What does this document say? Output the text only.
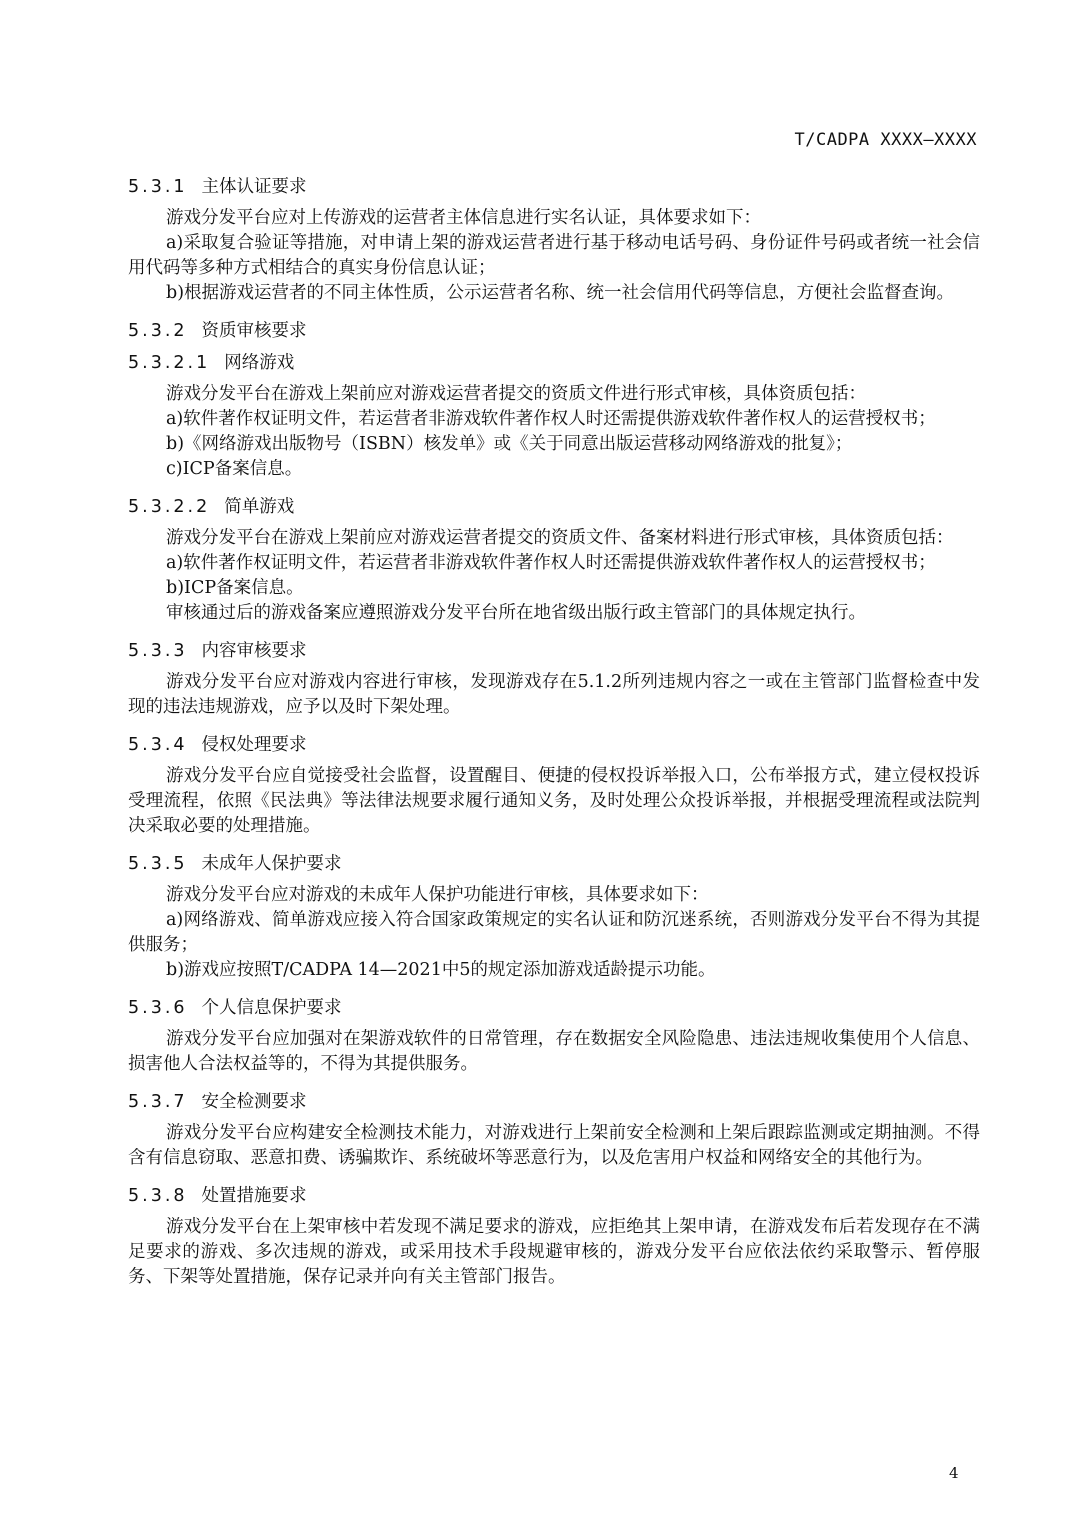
T/CADPA XXXX—XXXX
5.3.1 主体认证要求
游戏分发平台应对上传游戏的运营者主体信息进行实名认证，具体要求如下：
a)采取复合验证等措施，对申请上架的游戏运营者进行基于移动电话号码、身份证件号码或者统一社会信用代码等多种方式相结合的真实身份信息认证；
b)根据游戏运营者的不同主体性质，公示运营者名称、统一社会信用代码等信息，方便社会监督查询。
5.3.2 资质审核要求
5.3.2.1 网络游戏
游戏分发平台在游戏上架前应对游戏运营者提交的资质文件进行形式审核，具体资质包括：
a)软件著作权证明文件，若运营者非游戏软件著作权人时还需提供游戏软件著作权人的运营授权书；
b)《网络游戏出版物号（ISBN）核发单》或《关于同意出版运营移动网络游戏的批复》；
c)ICP备案信息。
5.3.2.2 简单游戏
游戏分发平台在游戏上架前应对游戏运营者提交的资质文件、备案材料进行形式审核，具体资质包括：
a)软件著作权证明文件，若运营者非游戏软件著作权人时还需提供游戏软件著作权人的运营授权书；
b)ICP备案信息。
审核通过后的游戏备案应遵照游戏分发平台所在地省级出版行政主管部门的具体规定执行。
5.3.3 内容审核要求
游戏分发平台应对游戏内容进行审核，发现游戏存在5.1.2所列违规内容之一或在主管部门监督检查中发现的违法违规游戏，应予以及时下架处理。
5.3.4 侵权处理要求
游戏分发平台应自觉接受社会监督，设置醒目、便捷的侵权投诉举报入口，公布举报方式，建立侵权投诉受理流程，依照《民法典》等法律法规要求履行通知义务，及时处理公众投诉举报，并根据受理流程或法院判决采取必要的处理措施。
5.3.5 未成年人保护要求
游戏分发平台应对游戏的未成年人保护功能进行审核，具体要求如下：
a)网络游戏、简单游戏应接入符合国家政策规定的实名认证和防沉迷系统，否则游戏分发平台不得为其提供服务；
b)游戏应按照T/CADPA 14—2021中5的规定添加游戏适龄提示功能。
5.3.6 个人信息保护要求
游戏分发平台应加强对在架游戏软件的日常管理，存在数据安全风险隐患、违法违规收集使用个人信息、损害他人合法权益等的，不得为其提供服务。
5.3.7 安全检测要求
游戏分发平台应构建安全检测技术能力，对游戏进行上架前安全检测和上架后跟踪监测或定期抽测。不得含有信息窃取、恶意扣费、诱骗欺诈、系统破坏等恶意行为，以及危害用户权益和网络安全的其他行为。
5.3.8 处置措施要求
游戏分发平台在上架审核中若发现不满足要求的游戏，应拒绝其上架申请，在游戏发布后若发现存在不满足要求的游戏、多次违规的游戏，或采用技术手段规避审核的，游戏分发平台应依法依约采取警示、暂停服务、下架等处置措施，保存记录并向有关主管部门报告。
4
